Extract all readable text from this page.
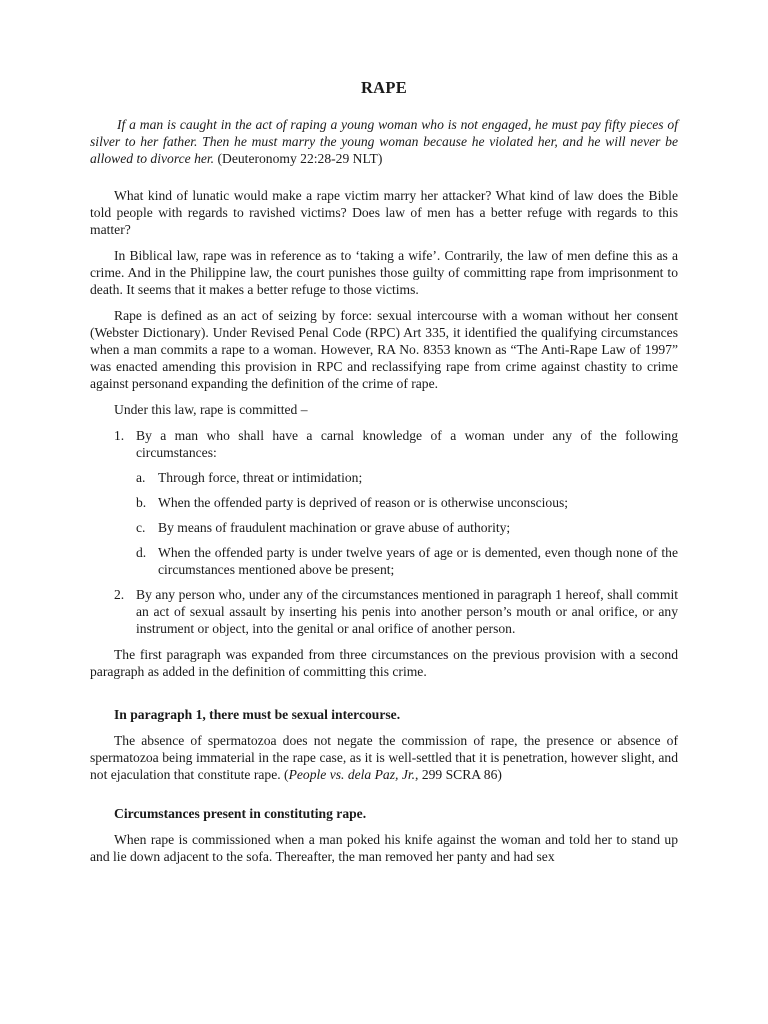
RAPE

If a man is caught in the act of raping a young woman who is not engaged, he must pay fifty pieces of silver to her father. Then he must marry the young woman because he violated her, and he will never be allowed to divorce her. (Deuteronomy 22:28-29 NLT)

What kind of lunatic would make a rape victim marry her attacker? What kind of law does the Bible told people with regards to ravished victims? Does law of men has a better refuge with regards to this matter?

In Biblical law, rape was in reference as to ‘taking a wife’. Contrarily, the law of men define this as a crime. And in the Philippine law, the court punishes those guilty of committing rape from imprisonment to death. It seems that it makes a better refuge to those victims.

Rape is defined as an act of seizing by force: sexual intercourse with a woman without her consent (Webster Dictionary). Under Revised Penal Code (RPC) Art 335, it identified the qualifying circumstances when a man commits a rape to a woman. However, RA No. 8353 known as “The Anti-Rape Law of 1997” was enacted amending this provision in RPC and reclassifying rape from crime against chastity to crime against personand expanding the definition of the crime of rape.

Under this law, rape is committed –

1. By a man who shall have a carnal knowledge of a woman under any of the following circumstances:
a. Through force, threat or intimidation;
b. When the offended party is deprived of reason or is otherwise unconscious;
c. By means of fraudulent machination or grave abuse of authority;
d. When the offended party is under twelve years of age or is demented, even though none of the circumstances mentioned above be present;
2. By any person who, under any of the circumstances mentioned in paragraph 1 hereof, shall commit an act of sexual assault by inserting his penis into another person’s mouth or anal orifice, or any instrument or object, into the genital or anal orifice of another person.

The first paragraph was expanded from three circumstances on the previous provision with a second paragraph as added in the definition of committing this crime.

In paragraph 1, there must be sexual intercourse.

The absence of spermatozoa does not negate the commission of rape, the presence or absence of spermatozoa being immaterial in the rape case, as it is well-settled that it is penetration, however slight, and not ejaculation that constitute rape. (People vs. dela Paz, Jr., 299 SCRA 86)

Circumstances present in constituting rape.

When rape is commissioned when a man poked his knife against the woman and told her to stand up and lie down adjacent to the sofa. Thereafter, the man removed her panty and had sex
